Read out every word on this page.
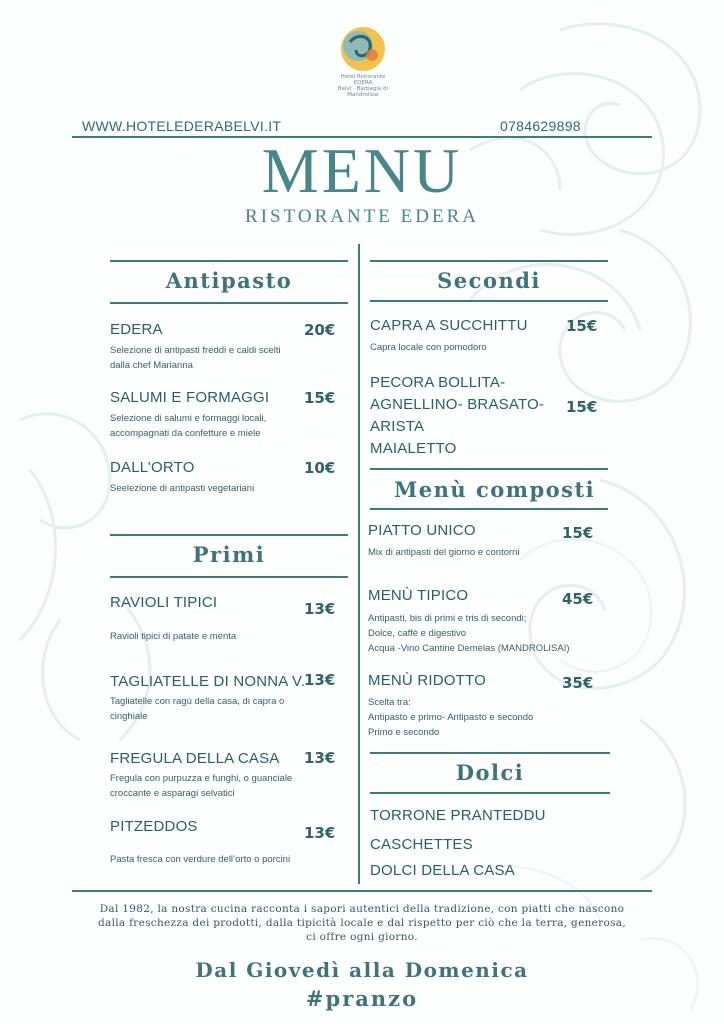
Hotel Ristorante
EDERA
Belvì · Barbagia di Mandrolisai
WWW.HOTELEDERABELVI.IT	0784629898
MENU
RISTORANTE EDERA
Antipasto
EDERA	20€
Selezione di antipasti freddi e caldi scelti
dalla chef Marianna
SALUMI E FORMAGGI 15€
Selezione di salumi e formaggi locali,
accompagnati da confetture e miele
DALL’ORTO	10€
Seelezione di antipasti vegetariani
Primi
RAVIOLI TIPICI	13€
Ravioli tipici di patate e menta
TAGLIATELLE DI NONNA V.
13€
Tagliatelle con ragù della casa, di capra o
cinghiale
FREGULA DELLA CASA 13€
Fregula con purpuzza e funghi, o guanciale
croccante e asparagi selvatici
PITZEDDOS	13€
Pasta fresca con verdure dell’orto o porcini
Secondi
CAPRA A SUCCHITTU	15€
Capra locale con pomodoro
PECORA BOLLITA-
AGNELLINO- BRASATO-
ARISTA
MAIALETTO
15€
Menù composti
PIATTO UNICO	15€
Mix di antipasti del giorno e contorni
MENÙ TIPICO	45€
Antipasti, bis di primi e tris di secondi;
Dolce, caffè e digestivo
Acqua -Vino Cantine Demelas (MANDROLISAI)
MENÙ RIDOTTO	35€
Scelta tra:
Antipasto e primo- Antipasto e secondo
Primo e secondo
Dolci
TORRONE PRANTEDDU
CASCHETTES
DOLCI DELLA CASA
Dal 1982, la nostra cucina racconta i sapori autentici della tradizione, con piatti che nascono
dalla freschezza dei prodotti, dalla tipicità locale e dal rispetto per ciò che la terra, generosa,
ci offre ogni giorno.
Dal Giovedì alla Domenica
#pranzo
